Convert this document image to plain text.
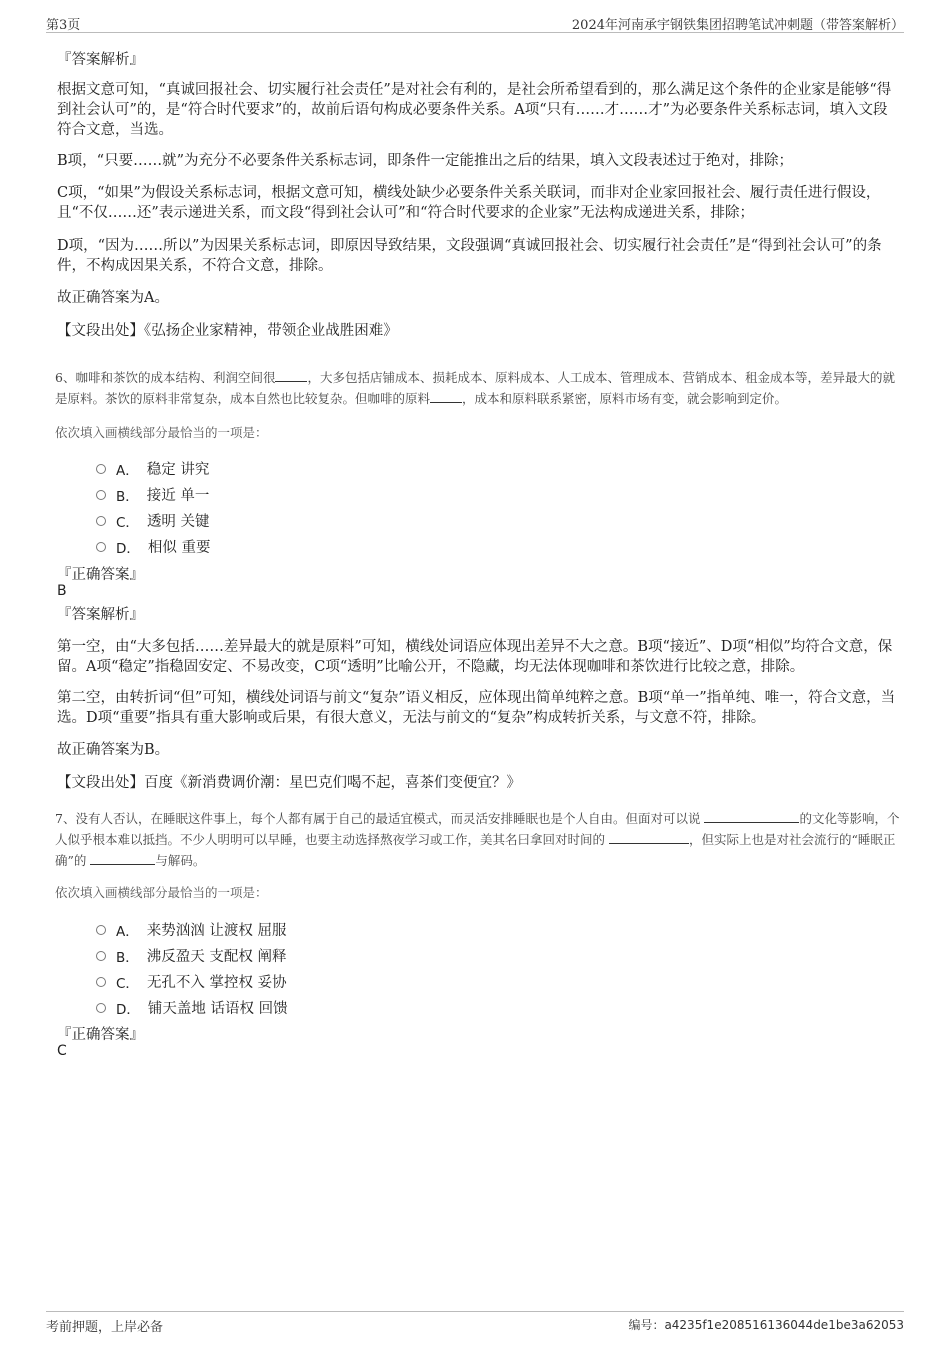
第3页	2024年河南承宇钢铁集团招聘笔试冲刺题（带答案解析）
『答案解析』

根据文意可知，“真诚回报社会、切实履行社会责任”是对社会有利的，是社会所希望看到的，那么满足这个条件的企业家是能够“得到社会认可”的，是“符合时代要求”的，故前后语句构成必要条件关系。A项“只有……才……才”为必要条件关系标志词，填入文段符合文意，当选。

B项，“只要……就”为充分不必要条件关系标志词，即条件一定能推出之后的结果，填入文段表述过于绝对，排除；

C项，“如果”为假设关系标志词，根据文意可知，横线处缺少必要条件关系关联词，而非对企业家回报社会、履行责任进行假设，且“不仅……还”表示递进关系，而文段“得到社会认可”和“符合时代要求的企业家”无法构成递进关系，排除；

D项，“因为……所以”为因果关系标志词，即原因导致结果，文段强调“真诚回报社会、切实履行社会责任”是“得到社会认可”的条件，不构成因果关系，不符合文意，排除。

故正确答案为A。

【文段出处】《弘扬企业家精神，带领企业战胜困难》

6、咖啡和茶饮的成本结构、利润空间很	，大多包括店铺成本、损耗成本、原料成本、人工成本、管理成本、营销成本、租金成本等，差异最大的就是原料。茶饮的原料非常复杂，成本自然也比较复杂。但咖啡的原料	，成本和原料联系紧密，原料市场有变，就会影响到定价。

依次填入画横线部分最恰当的一项是：
A． 稳定 讲究
B． 接近 单一
C． 透明 关键
D． 相似 重要
『正确答案』
B
『答案解析』

第一空，由“大多包括……差异最大的就是原料”可知，横线处词语应体现出差异不大之意。B项“接近”、D项“相似”均符合文意，保留。A项“稳定”指稳固安定、不易改变，C项“透明”比喻公开，不隐藏，均无法体现咖啡和茶饮进行比较之意，排除。

第二空，由转折词“但”可知，横线处词语与前文“复杂”语义相反，应体现出简单纯粹之意。B项“单一”指单纯、唯一，符合文意，当选。D项“重要”指具有重大影响或后果，有很大意义，无法与前文的“复杂”构成转折关系，与文意不符，排除。

故正确答案为B。

【文段出处】百度《新消费调价潮：星巴克们喝不起，喜茶们变便宜？》

7、没有人否认，在睡眠这件事上，每个人都有属于自己的最适宜模式，而灵活安排睡眠也是个人自由。但面对可以说	的文化等影响，个人似乎根本难以抵挡。不少人明明可以早睡，也要主动选择熬夜学习或工作，美其名曰拿回对时间的	，但实际上也是对社会流行的“睡眠正确”的	与解码。

依次填入画横线部分最恰当的一项是：
A． 来势汹汹 让渡权 屈服
B． 沸反盈天 支配权 阐释
C． 无孔不入 掌控权 妥协
D． 铺天盖地 话语权 回馈
『正确答案』
C
考前押题，上岸必备	编号：a4235f1e208516136044de1be3a62053
